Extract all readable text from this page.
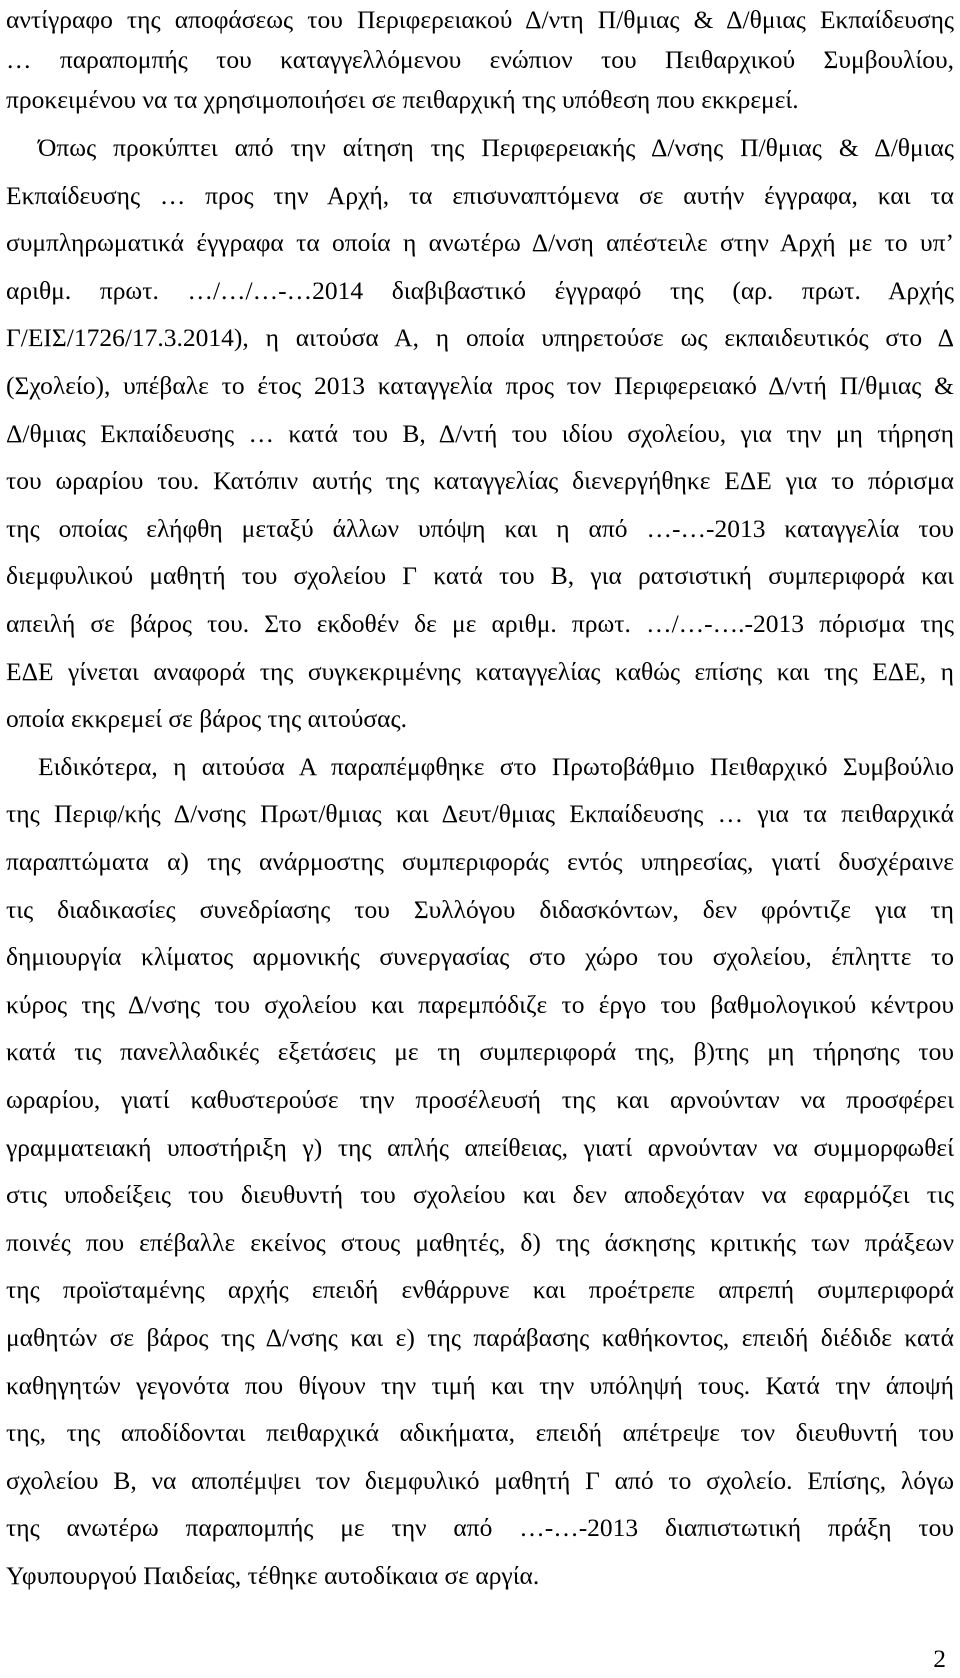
αντίγραφο της αποφάσεως του Περιφερειακού Δ/ντη Π/θμιας & Δ/θμιας Εκπαίδευσης
… παραπομπής του καταγγελλόμενου ενώπιον του Πειθαρχικού Συμβουλίου,
προκειμένου να τα χρησιμοποιήσει σε πειθαρχική της υπόθεση που εκκρεμεί.
Όπως προκύπτει από την αίτηση της Περιφερειακής Δ/νσης Π/θμιας & Δ/θμιας
Εκπαίδευσης … προς την Αρχή, τα επισυναπτόμενα σε αυτήν έγγραφα, και τα
συμπληρωματικά έγγραφα τα οποία η ανωτέρω Δ/νση απέστειλε στην Αρχή με το υπ’
αριθμ. πρωτ. …/…/…-…2014 διαβιβαστικό έγγραφό της (αρ. πρωτ. Αρχής
Γ/ΕΙΣ/1726/17.3.2014), η αιτούσα Α, η οποία υπηρετούσε ως εκπαιδευτικός στο Δ
(Σχολείο), υπέβαλε το έτος 2013 καταγγελία προς τον Περιφερειακό Δ/ντή Π/θμιας &
Δ/θμιας Εκπαίδευσης … κατά του Β, Δ/ντή του ιδίου σχολείου, για την μη τήρηση
του ωραρίου του. Κατόπιν αυτής της καταγγελίας διενεργήθηκε ΕΔΕ για το πόρισμα
της οποίας ελήφθη μεταξύ άλλων υπόψη και η από …-…-2013 καταγγελία του
διεμφυλικού μαθητή του σχολείου Γ κατά του Β, για ρατσιστική συμπεριφορά και
απειλή σε βάρος του. Στο εκδοθέν δε με αριθμ. πρωτ. …/…-….-2013 πόρισμα της
ΕΔΕ γίνεται αναφορά της συγκεκριμένης καταγγελίας καθώς επίσης και της ΕΔΕ, η
οποία εκκρεμεί σε βάρος της αιτούσας.
Ειδικότερα, η αιτούσα Α παραπέμφθηκε στο Πρωτοβάθμιο Πειθαρχικό Συμβούλιο
της Περιφ/κής Δ/νσης Πρωτ/θμιας και Δευτ/θμιας Εκπαίδευσης … για τα πειθαρχικά
παραπτώματα α) της ανάρμοστης συμπεριφοράς εντός υπηρεσίας, γιατί δυσχέραινε
τις διαδικασίες συνεδρίασης του Συλλόγου διδασκόντων, δεν φρόντιζε για τη
δημιουργία κλίματος αρμονικής συνεργασίας στο χώρο του σχολείου, έπληττε το
κύρος της Δ/νσης του σχολείου και παρεμπόδιζε το έργο του βαθμολογικού κέντρου
κατά τις πανελλαδικές εξετάσεις με τη συμπεριφορά της, β)της μη τήρησης του
ωραρίου, γιατί καθυστερούσε την προσέλευσή της και αρνούνταν να προσφέρει
γραμματειακή υποστήριξη γ) της απλής απείθειας, γιατί αρνούνταν να συμμορφωθεί
στις υποδείξεις του διευθυντή του σχολείου και δεν αποδεχόταν να εφαρμόζει τις
ποινές που επέβαλλε εκείνος στους μαθητές, δ) της άσκησης κριτικής των πράξεων
της προϊσταμένης αρχής επειδή ενθάρρυνε και προέτρεπε απρεπή συμπεριφορά
μαθητών σε βάρος της Δ/νσης και ε) της παράβασης καθήκοντος, επειδή διέδιδε κατά
καθηγητών γεγονότα που θίγουν την τιμή και την υπόληψή τους. Κατά την άποψή
της, της αποδίδονται πειθαρχικά αδικήματα, επειδή απέτρεψε τον διευθυντή του
σχολείου Β, να αποπέμψει τον διεμφυλικό μαθητή Γ από το σχολείο. Επίσης, λόγω
της ανωτέρω παραπομπής με την από …-…-2013 διαπιστωτική πράξη του
Υφυπουργού Παιδείας, τέθηκε αυτοδίκαια σε αργία.
2
